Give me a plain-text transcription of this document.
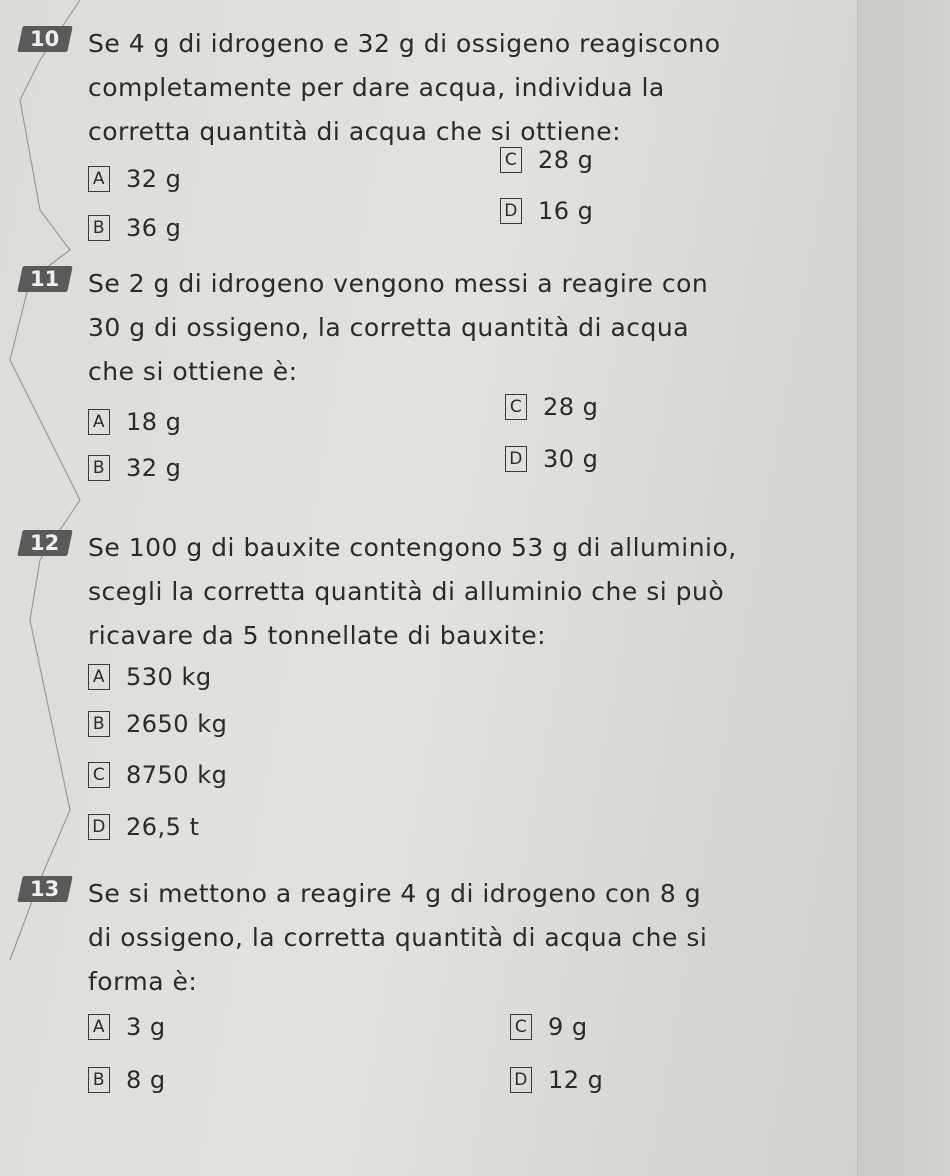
10	Se 4 g di idrogeno e 32 g di ossigeno reagiscono
completamente per dare acqua, individua la
corretta quantità di acqua che si ottiene:

A 32 g
B 36 g
C 28 g
D 16 g
11	Se 2 g di idrogeno vengono messi a reagire con
30 g di ossigeno, la corretta quantità di acqua
che si ottiene è:

A 18 g
B 32 g
C 28 g
D 30 g
12	Se 100 g di bauxite contengono 53 g di alluminio,
scegli la corretta quantità di alluminio che si può
ricavare da 5 tonnellate di bauxite:

A 530 kg
B 2650 kg
C 8750 kg
D 26,5 t
13	Se si mettono a reagire 4 g di idrogeno con 8 g
di ossigeno, la corretta quantità di acqua che si
forma è:

A 3 g
B 8 g
C 9 g
D 12 g
